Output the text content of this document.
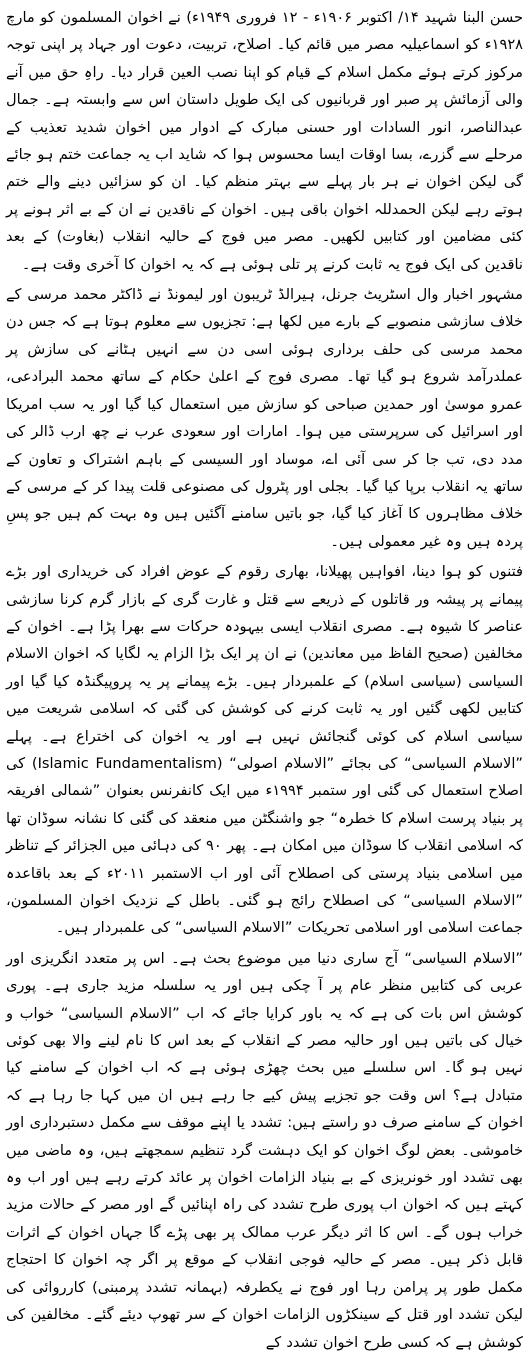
حسن البنا شہید ۱۴/ اکتوبر ۱۹۰۶ء - ۱۲ فروری ۱۹۴۹ء) نے اخوان المسلمون کو مارچ ۱۹۲۸ء کو اسماعیلیہ مصر میں قائم کیا۔ اصلاح، تربیت، دعوت اور جہاد پر اپنی توجہ مرکوز کرتے ہوئے مکمل اسلام کے قیام کو اپنا نصب العین قرار دیا۔ راہِ حق میں آنے والی آزمائش پر صبر اور قربانیوں کی ایک طویل داستان اس سے وابستہ ہے۔ جمال عبدالناصر، انور السادات اور حسنی مبارک کے ادوار میں اخوان شدید تعذیب کے مرحلے سے گزرے، بسا اوقات ایسا محسوس ہوا کہ شاید اب یہ جماعت ختم ہو جائے گی لیکن اخوان نے ہر بار پہلے سے بہتر منظم کیا۔ ان کو سزائیں دینے والے ختم ہوتے رہے لیکن الحمدللہ اخوان باقی ہیں۔ اخوان کے ناقدین نے ان کے بے اثر ہونے پر کئی مضامین اور کتابیں لکھیں۔ مصر میں فوج کے حالیہ انقلاب (بغاوت) کے بعد ناقدین کی ایک فوج یہ ثابت کرنے پر تلی ہوئی ہے کہ یہ اخوان کا آخری وقت ہے۔

مشہور اخبار وال اسٹریٹ جرنل، ہیرالڈ ٹریبون اور لیمونڈ نے ڈاکٹر محمد مرسی کے خلاف سازشی منصوبے کے بارے میں لکھا ہے: تجزیوں سے معلوم ہوتا ہے کہ جس دن محمد مرسی کی حلف برداری ہوئی اسی دن سے انہیں ہٹانے کی سازش پر عملدرآمد شروع ہو گیا تھا۔ مصری فوج کے اعلیٰ حکام کے ساتھ محمد البرادعی، عمرو موسیٰ اور حمدین صباحی کو سازش میں استعمال کیا گیا اور یہ سب امریکا اور اسرائیل کی سرپرستی میں ہوا۔ امارات اور سعودی عرب نے چھ ارب ڈالر کی مدد دی، تب جا کر سی آئی اے، موساد اور السیسی کے باہم اشتراک و تعاون کے ساتھ یہ انقلاب برپا کیا گیا۔ بجلی اور پٹرول کی مصنوعی قلت پیدا کر کے مرسی کے خلاف مظاہروں کا آغاز کیا گیا، جو باتیں سامنے آگئیں ہیں وہ بہت کم ہیں جو پسِ پردہ ہیں وہ غیر معمولی ہیں۔

فتنوں کو ہوا دینا، افواہیں پھیلانا، بھاری رقوم کے عوض افراد کی خریداری اور بڑے پیمانے پر پیشہ ور قاتلوں کے ذریعے سے قتل و غارت گری کے بازار گرم کرنا سازشی عناصر کا شیوہ ہے۔ مصری انقلاب ایسی بیہودہ حرکات سے بھرا پڑا ہے۔ اخوان کے مخالفین (صحیح الفاظ میں معاندین) نے ان پر ایک بڑا الزام یہ لگایا کہ اخوان الاسلام السیاسی (سیاسی اسلام) کے علمبردار ہیں۔ بڑے پیمانے پر یہ پروپیگنڈہ کیا گیا اور کتابیں لکھی گئیں اور یہ ثابت کرنے کی کوشش کی گئی کہ اسلامی شریعت میں سیاسی اسلام کی کوئی گنجائش نہیں ہے اور یہ اخوان کی اختراع ہے۔ پہلے ”الاسلام السیاسی“ کی بجائے ”الاسلام اصولی“ (Islamic Fundamentalism) کی اصلاح استعمال کی گئی اور ستمبر ۱۹۹۴ء میں ایک کانفرنس بعنوان ”شمالی افریقہ پر بنیاد پرست اسلام کا خطرہ“ جو واشنگٹن میں منعقد کی گئی کا نشانہ سوڈان تھا کہ اسلامی انقلاب کا سوڈان میں امکان ہے۔ پھر ۹۰ کی دہائی میں الجزائر کے تناظر میں اسلامی بنیاد پرستی کی اصطلاح آئی اور اب الاستمبر ۲۰۱۱ء کے بعد باقاعدہ ”الاسلام السیاسی“ کی اصطلاح رائج ہو گئی۔ باطل کے نزدیک اخوان المسلمون، جماعت اسلامی اور اسلامی تحریکات ”الاسلام السیاسی“ کی علمبردار ہیں۔

”الاسلام السیاسی“ آج ساری دنیا میں موضوع بحث ہے۔ اس پر متعدد انگریزی اور عربی کی کتابیں منظر عام پر آ چکی ہیں اور یہ سلسلہ مزید جاری ہے۔ پوری کوشش اس بات کی ہے کہ یہ باور کرایا جائے کہ اب ”الاسلام السیاسی“ خواب و خیال کی باتیں ہیں اور حالیہ مصر کے انقلاب کے بعد اس کا نام لینے والا بھی کوئی نہیں ہو گا۔ اس سلسلے میں بحث چھڑی ہوئی ہے کہ اب اخوان کے سامنے کیا متبادل ہے؟ اس وقت جو تجزیے پیش کیے جا رہے ہیں ان میں کہا جا رہا ہے کہ اخوان کے سامنے صرف دو راستے ہیں: تشدد یا اپنے موقف سے مکمل دستبرداری اور خاموشی۔ بعض لوگ اخوان کو ایک دہشت گرد تنظیم سمجھتے ہیں، وہ ماضی میں بھی تشدد اور خونریزی کے بے بنیاد الزامات اخوان پر عائد کرتے رہے ہیں اور اب وہ کہتے ہیں کہ اخوان اب پوری طرح تشدد کی راہ اپنائیں گے اور مصر کے حالات مزید خراب ہوں گے۔ اس کا اثر دیگر عرب ممالک پر بھی پڑے گا جہاں اخوان کے اثرات قابل ذکر ہیں۔ مصر کے حالیہ فوجی انقلاب کے موقع پر اگر چہ اخوان کا احتجاج مکمل طور پر پرامن رہا اور فوج نے یکطرفہ (بہمانہ تشدد پرمبنی) کارروائی کی لیکن تشدد اور قتل کے سینکڑوں الزامات اخوان کے سر تھوپ دیئے گئے۔ مخالفین کی کوشش ہے کہ کسی طرح اخوان تشدد کے
